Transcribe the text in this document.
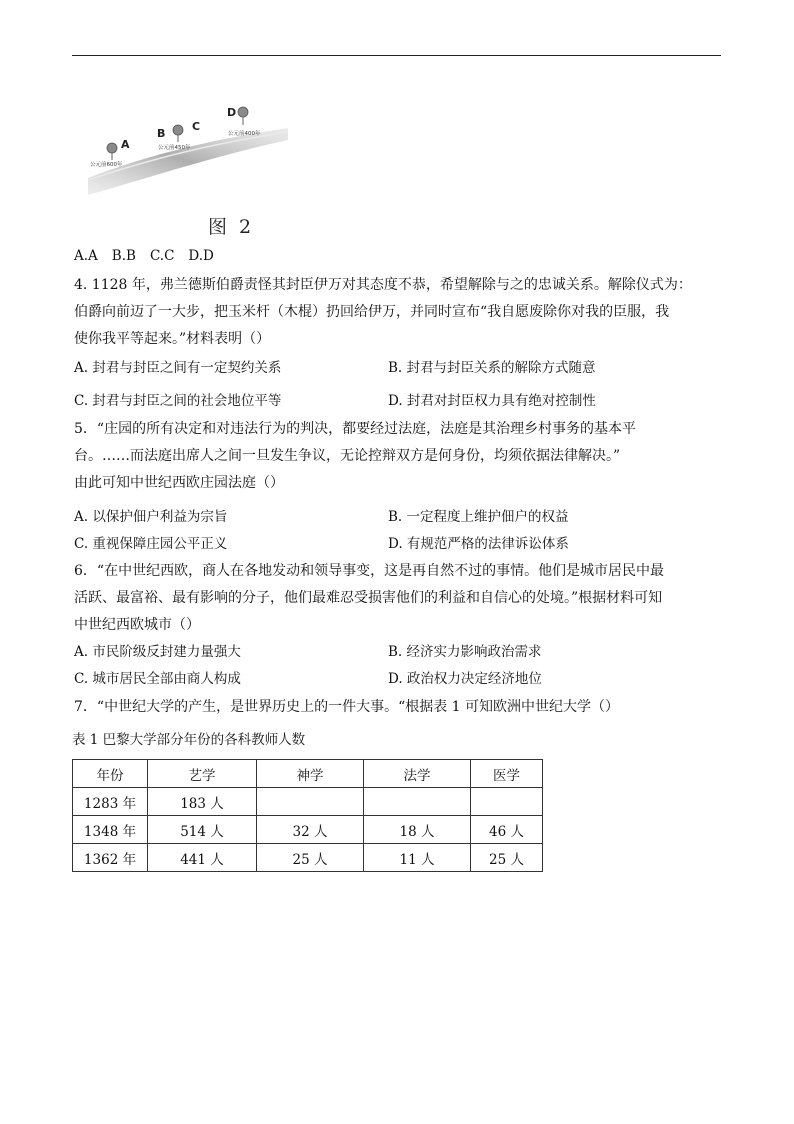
A
公元前600年
B
C
公元前450年
D
公元前400年
图 2
A.A B.B C.C D.D
4. 1128 年，弗兰德斯伯爵责怪其封臣伊万对其态度不恭，希望解除与之的忠诚关系。解除仪式为：
伯爵向前迈了一大步，把玉米杆（木棍）扔回给伊万，并同时宣布“我自愿废除你对我的臣服，我
使你我平等起来。”材料表明（）
A. 封君与封臣之间有一定契约关系	B. 封君与封臣关系的解除方式随意
C. 封君与封臣之间的社会地位平等	D. 封君对封臣权力具有绝对控制性
5．“庄园的所有决定和对违法行为的判决，都要经过法庭，法庭是其治理乡村事务的基本平
台。……而法庭出席人之间一旦发生争议，无论控辩双方是何身份，均须依据法律解决。”
由此可知中世纪西欧庄园法庭（）
A. 以保护佃户利益为宗旨	B. 一定程度上维护佃户的权益
C. 重视保障庄园公平正义	D. 有规范严格的法律诉讼体系
6．“在中世纪西欧，商人在各地发动和领导事变，这是再自然不过的事情。他们是城市居民中最
活跃、最富裕、最有影响的分子，他们最难忍受损害他们的利益和自信心的处境。”根据材料可知
中世纪西欧城市（）
A. 市民阶级反封建力量强大	B. 经济实力影响政治需求
C. 城市居民全部由商人构成	D. 政治权力决定经济地位
7．“中世纪大学的产生，是世界历史上的一件大事。“根据表 1 可知欧洲中世纪大学（）
表 1 巴黎大学部分年份的各科教师人数
年份	艺学	神学	法学	医学
1283 年	183 人			
1348 年	514 人	32 人	18 人	46 人
1362 年	441 人	25 人	11 人	25 人
